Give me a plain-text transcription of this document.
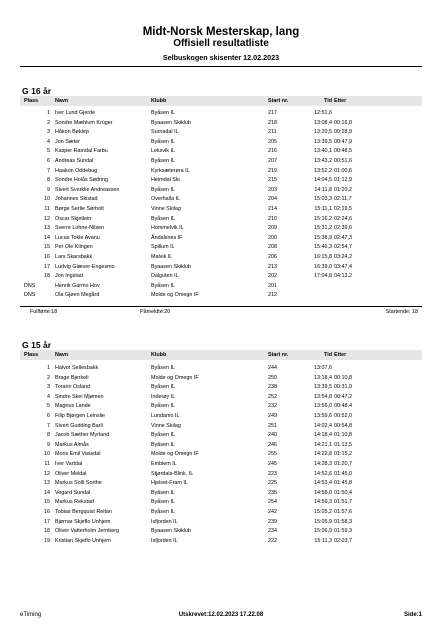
Midt-Norsk Mesterskap, lang
Offisiell resultatliste
Selbuskogen skisenter 12.02.2023
G 16 år
Plass	Navn	Klubb	Start nr.	Tid Etter
1 Iver Lund Gjerde	Byåsen IL	217	12:51,6
2 Sondre Mæhlum Krüger	Byaasen Skiklub	218	13:08,4 00:16,8
3 Håkon Bøklep	Surnadal IL	211	13:20,5 00:28,9
4 Jon Sæter	Byåsen IL	205	13:39,5 00:47,9
5 Kasper Ramdal Farbu	Leksvik IL	216	13:40,1 00:48,5
6 Andreas Sundal	Byåsen IL	207	13:43,2 00:51,6
7 Haakon Oddebug	Kyrksæterøra IL	219	13:52,2 01:00,6
8 Sondre Holås Sødring	Heimdal Ski	215	14:04,5 01:12,9
9 Sivert Sverklie Andreassen	Byåsen IL	203	14:11,8 01:20,2
10 Johannes Skistad	Overhalla IL	204	15:03,3 02:11,7
11 Børge Serlie Sørholt	Vinne Skilag	214	15:11,1 02:19,5
12 Oscar Skjetlein	Byåsen IL	210	15:16,2 02:24,6
13 Sverre Lohne-Nilsen	Hommelvik IL	209	15:31,2 02:39,6
14 Lucas Tokle Avanu	Åndalsnes IF	200	15:38,9 02:47,3
15 Per Ole Klingen	Spillum IL	208	15:46,3 02:54,7
16 Lars Skarsbakk	Malvik IL	206	16:15,8 03:24,2
17 Ludvig Giæver-Engesmo	Byaasen Skiklub	213	16:39,0 03:47,4
18 Jon Ingstad	Dalguten IL	202	17:04,8 04:13,2
DNS	Henrik Garmo Hov	Byåsen IL	201
DNS	Ola Gjøen Megård	Molde og Omegn IF	212
Fullførte:18	Påmeldte:20	Startende: 18
G 15 år
Plass	Navn	Klubb	Start nr.	Tid Etter
1 Halvor Sellesbakk	Byåsen IL	244	13:07,6
2 Brage Bjerkeli	Molde og Omegn IF	250	13:18,4 00:10,8
3 Torarin Osland	Byåsen IL	238	13:39,5 00:31,9
4 Sindre Skei Mjømen	Inderøy IL	252	13:54,8 00:47,2
5 Magnus Lande	Byåsen IL	232	13:56,0 00:48,4
6 Filip Bjørgen Leinslie	Lundamo IL	249	13:59,6 00:52,0
7 Sivert Gudding Barli	Vinne Skilag	251	14:02,4 00:54,8
8 Jacob Sæther Myrland	Byåsen IL	240	14:18,4 01:10,8
9 Markus Almås	Byåsen IL	246	14:21,1 01:13,5
10 Mons Emil Vassdal	Molde og Omegn IF	255	14:22,8 01:15,2
11 Iver Vartdal	Emblem IL	245	14:28,3 01:20,7
12 Oliver Meldal	Stjørdals-Blink, IL	223	14:52,6 01:45,0
13 Markus Solli Sorthe	Hjelset-Fram IL	225	14:53,4 01:45,8
14 Vegard Sundal	Byåsen IL	235	14:58,0 01:50,4
15 Markus Rekstad	Byåsen IL	254	14:59,3 01:51,7
16 Tobias Bergquist Reitan	Byåsen IL	242	15:05,2 01:57,6
17 Bjørnar Skjeflo Unhjem	Isfjorden IL	239	15:05,9 01:58,3
18 Oliver Vatterholm Jernberg	Byaasen Skiklub	234	15:06,9 01:59,3
19 Kristian Skjeflo Unhjem	Isfjorden IL	222	15:11,3 02:03,7
eTiming	Utskrevet:12.02.2023 17.22.08	Side:1
